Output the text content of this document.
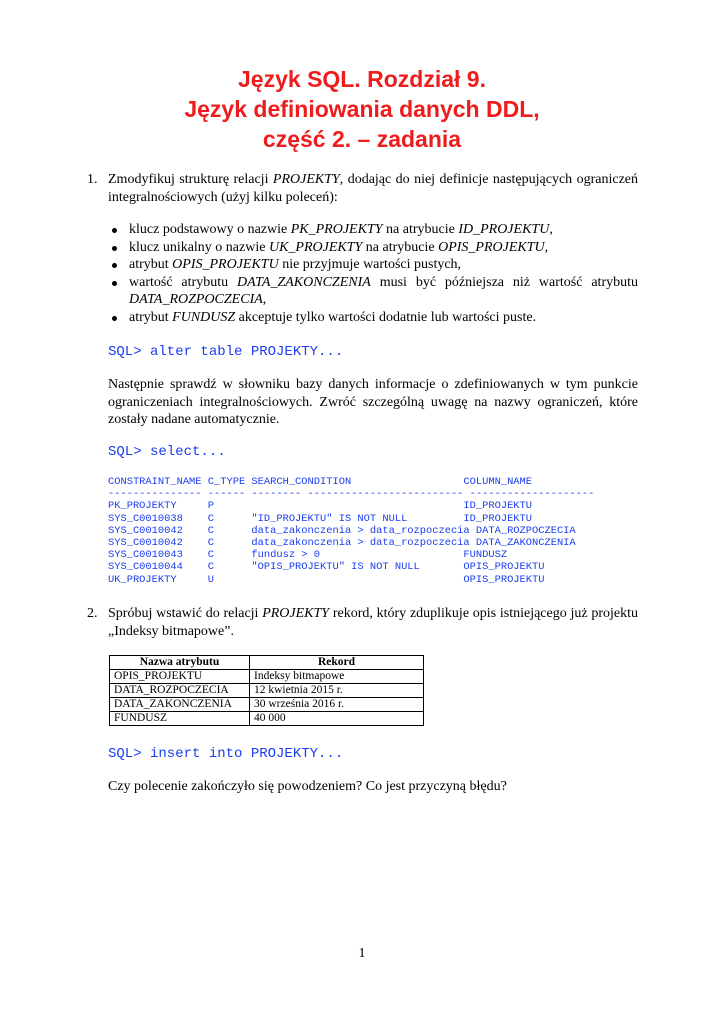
Język SQL. Rozdział 9.
Język definiowania danych DDL,
część 2. – zadania
1. Zmodyfikuj strukturę relacji PROJEKTY, dodając do niej definicje następujących ograniczeń integralnościowych (użyj kilku poleceń):
klucz podstawowy o nazwie PK_PROJEKTY na atrybucie ID_PROJEKTU,
klucz unikalny o nazwie UK_PROJEKTY na atrybucie OPIS_PROJEKTU,
atrybut OPIS_PROJEKTU nie przyjmuje wartości pustych,
wartość atrybutu DATA_ZAKONCZENIA musi być późniejsza niż wartość atrybutu DATA_ROZPOCZECIA,
atrybut FUNDUSZ akceptuje tylko wartości dodatnie lub wartości puste.
SQL> alter table PROJEKTY...
Następnie sprawdź w słowniku bazy danych informacje o zdefiniowanych w tym punkcie ograniczeniach integralnościowych. Zwróć szczególną uwagę na nazwy ograniczeń, które zostały nadane automatycznie.
SQL> select...
CONSTRAINT_NAME C_TYPE SEARCH_CONDITION                  COLUMN_NAME
--------------- ------ -------- ------------------------- --------------------
PK_PROJEKTY     P                                        ID_PROJEKTU
SYS_C0010038    C      "ID_PROJEKTU" IS NOT NULL         ID_PROJEKTU
SYS_C0010042    C      data_zakonczenia > data_rozpoczecia DATA_ROZPOCZECIA
SYS_C0010042    C      data_zakonczenia > data_rozpoczecia DATA_ZAKONCZENIA
SYS_C0010043    C      fundusz > 0                       FUNDUSZ
SYS_C0010044    C      "OPIS_PROJEKTU" IS NOT NULL       OPIS_PROJEKTU
UK_PROJEKTY     U                                        OPIS_PROJEKTU
2. Spróbuj wstawić do relacji PROJEKTY rekord, który zduplikuje opis istniejącego już projektu „Indeksy bitmapowe”.
Nazwa atrybutu	Rekord
OPIS_PROJEKTU	Indeksy bitmapowe
DATA_ROZPOCZECIA	12 kwietnia 2015 r.
DATA_ZAKONCZENIA	30 września 2016 r.
FUNDUSZ	40 000
SQL> insert into PROJEKTY...
Czy polecenie zakończyło się powodzeniem? Co jest przyczyną błędu?
1
